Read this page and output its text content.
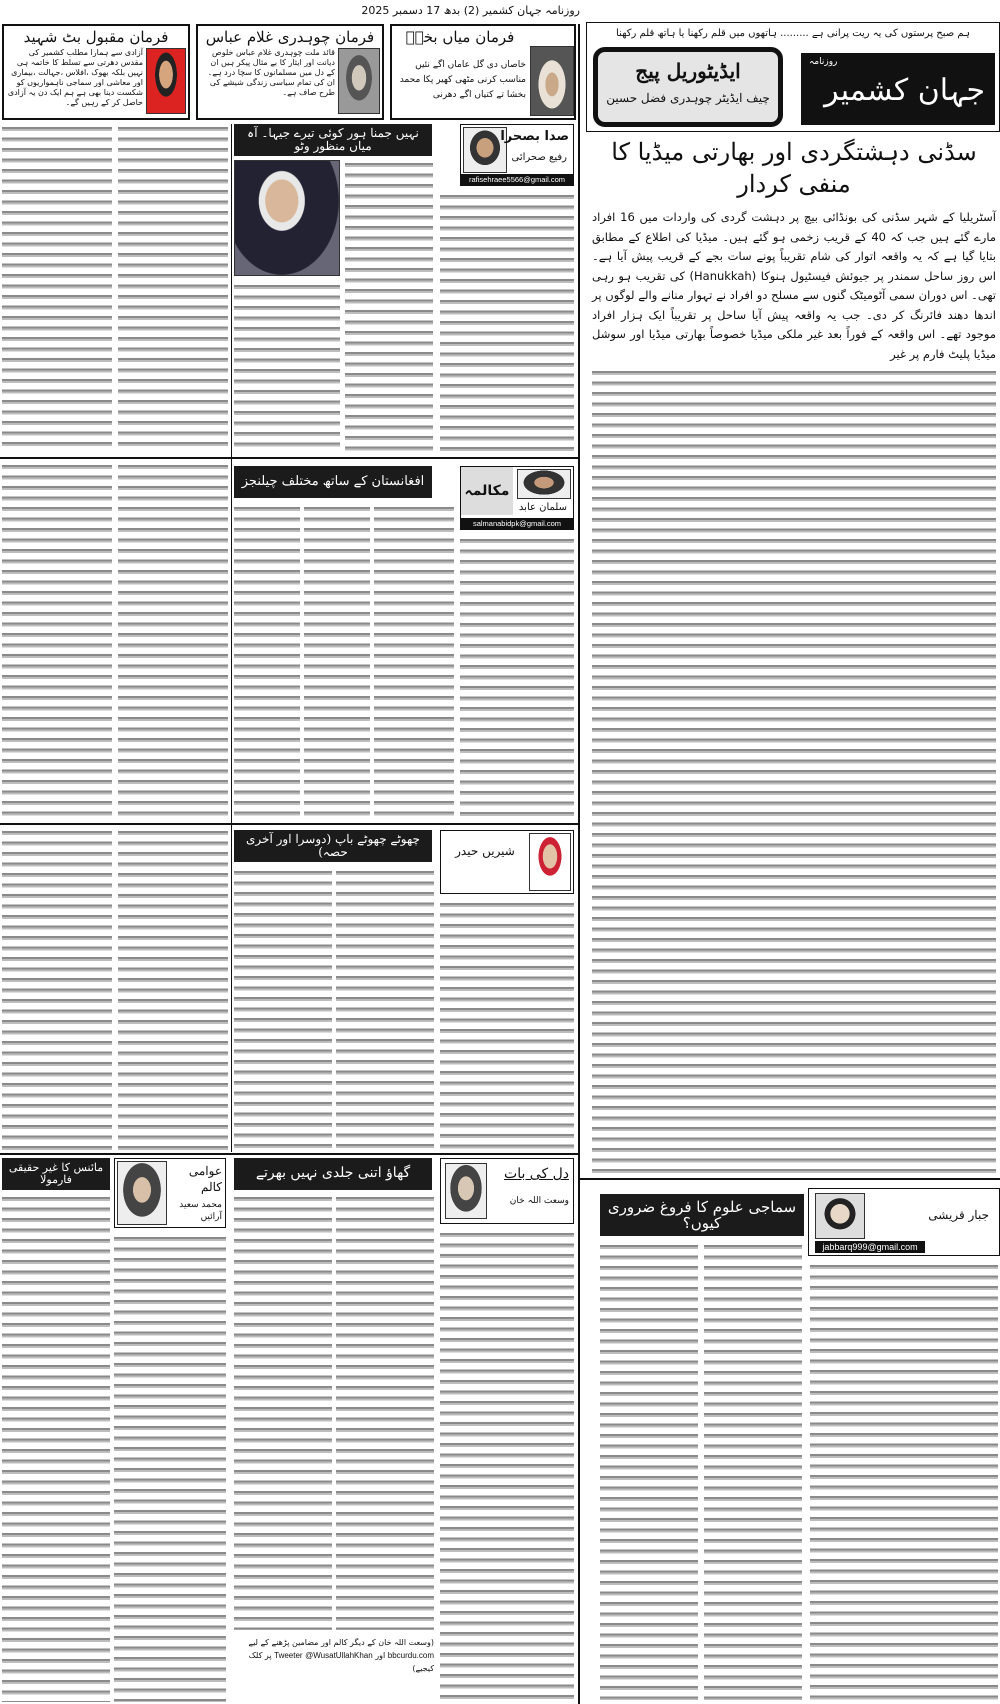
روزنامہ جہان کشمیر (2) بدھ 17 دسمبر 2025
فرمان مقبول بٹ شہید
آزادی سے ہمارا مطلب کشمیر کی مقدس دھرتی سے تسلط کا خاتمہ ہی نہیں بلکہ بھوک ،افلاس ،جہالت ،بیماری اور معاشی اور سماجی ناہمواریوں کو شکست دینا بھی ہے ہم ایک دن یہ آزادی حاصل کر کے رہیں گے۔
فرمان چوہدری غلام عباس
قائد ملت چوہدری غلام عباس خلوص دیانت اور ایثار کا بے مثال پیکر ہیں ان کے دل میں مسلمانوں کا سچا درد ہے۔ ان کی تمام سیاسی زندگی شیشے کی طرح صاف ہے۔
فرمان میاں بخشؒ
خاصاں دی گل عاماں اگے نئیں مناسب کرنی مٹھی کھیر پکا محمد بخشا تے کتیاں اگے دھرنی
ہم صبح پرستوں کی یہ ریت پرانی ہے ......... ہاتھوں میں قلم رکھنا یا ہاتھ قلم رکھنا
ایڈیٹوریل پیج
چیف ایڈیٹر چوہدری فضل حسین
روزنامہ
جہان کشمیر
سڈنی دہشتگردی اور بھارتی میڈیا کا منفی کردار
آسٹریلیا کے شہر سڈنی کی بونڈائی بیچ پر دہشت گردی کی واردات میں 16 افراد مارے گئے ہیں جب کہ 40 کے قریب زخمی ہو گئے ہیں۔ میڈیا کی اطلاع کے مطابق بتایا گیا ہے کہ یہ واقعہ اتوار کی شام تقریباً پونے سات بجے کے قریب پیش آیا ہے۔ اس روز ساحل سمندر پر جیوئش فیسٹیول ہنوکا (Hanukkah) کی تقریب ہو رہی تھی۔ اس دوران سمی آٹومیٹک گنوں سے مسلح دو افراد نے تہوار منانے والے لوگوں پر اندھا دھند فائرنگ کر دی۔ جب یہ واقعہ پیش آیا ساحل پر تقریباً ایک ہزار افراد موجود تھے۔ اس واقعہ کے فوراً بعد غیر ملکی میڈیا خصوصاً بھارتی میڈیا اور سوشل میڈیا پلیٹ فارم پر غیر
سماجی علوم کا فروغ ضروری کیوں؟	جبار قریشی
jabbarq999@gmail.com
نہیں جمنا ہور کوئی تیرے جیہا۔ آہ میاں منظور وٹو
صدا بصحرا
رفیع صحرائی
rafisehraee5566@gmail.com
افغانستان کے ساتھ مختلف چیلنجز
مکالمہ
سلمان عابد
salmanabidpk@gmail.com
چھوٹے چھوٹے باپ (دوسرا اور آخری حصہ)	شیریں حیدر
مائنس کا غیر حقیقی فارمولا
عوامی کالم
محمد سعید آرائیں
گھاؤ اتنی جلدی نہیں بھرتے
(وسعت اللہ خان کے دیگر کالم اور مضامین پڑھنے کے لیے bbcurdu.com اور Tweeter @WusatUllahKhan پر کلک کیجیے)
دل کی بات
وسعت اللہ خان
